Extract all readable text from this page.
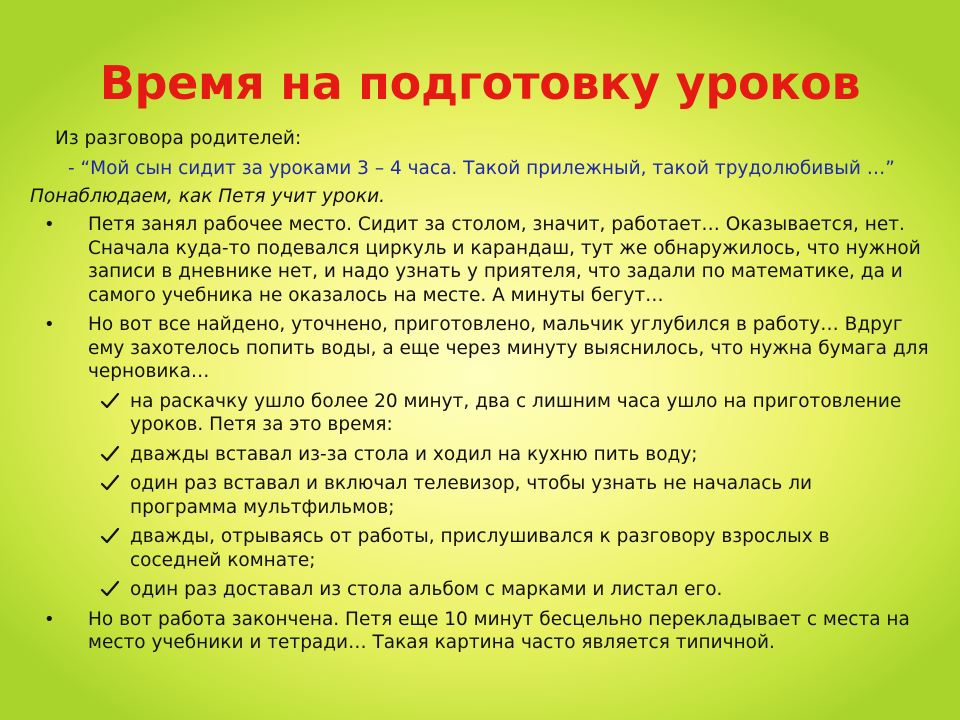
Время на подготовку уроков
Из разговора родителей:
- “Мой сын сидит за уроками 3 – 4 часа. Такой прилежный, такой трудолюбивый …”
Понаблюдаем, как Петя учит уроки.
• Петя занял рабочее место. Сидит за столом, значит, работает… Оказывается, нет. Сначала куда-то подевался циркуль и карандаш, тут же обнаружилось, что нужной записи в дневнике нет, и надо узнать у приятеля, что задали по математике, да и самого учебника не оказалось на месте. А минуты бегут…
• Но вот все найдено, уточнено, приготовлено, мальчик углубился в работу… Вдруг ему захотелось попить воды, а еще через минуту выяснилось, что нужна бумага для черновика…
на раскачку ушло более 20 минут, два с лишним часа ушло на приготовление уроков. Петя за это время:
дважды вставал из-за стола и ходил на кухню пить воду;
один раз вставал и включал телевизор, чтобы узнать не началась ли программа мультфильмов;
дважды, отрываясь от работы, прислушивался к разговору взрослых в соседней комнате;
один раз доставал из стола альбом с марками и листал его.
• Но вот работа закончена. Петя еще 10 минут бесцельно перекладывает с места на место учебники и тетради… Такая картина часто является типичной.
